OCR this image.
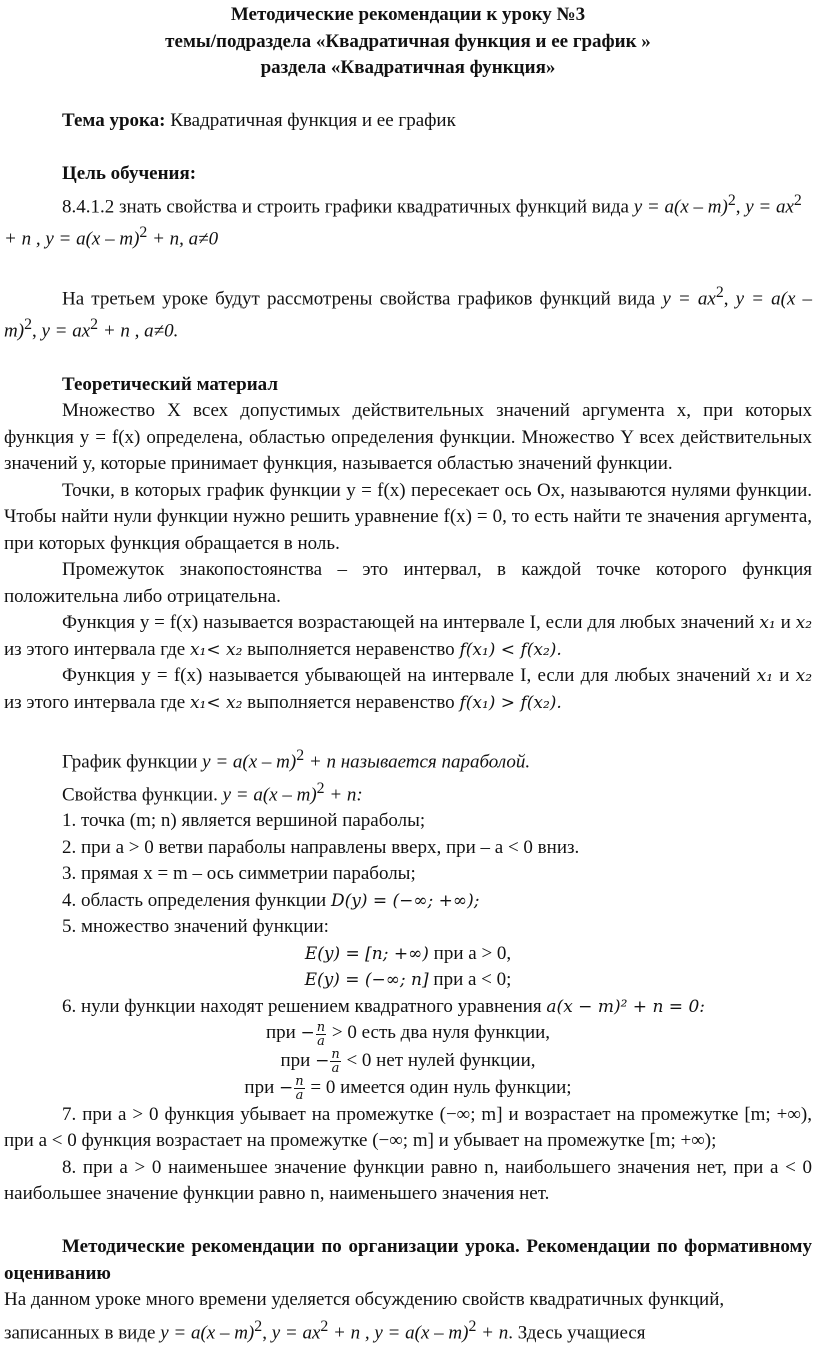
Методические рекомендации к уроку №3

темы/подраздела «Квадратичная функция и ее график »

раздела «Квадратичная функция»

Тема урока: Квадратичная функция и ее график

Цель обучения:

8.4.1.2 знать свойства и строить графики квадратичных функций вида y = a(x – m)$^2$, $y = ax^2 + n$ , y = a(x – m)$^2$ + n, a≠0

На третьем уроке будут рассмотрены свойства графиков функций вида $y = ax^2$, y = a(x – m)$^2$, $y = ax^2 + n$ , a≠0.

Теоретический материал

Множество X всех допустимых действительных значений аргумента x, при которых функция y = f(x) определена, областью определения функции. Множество Y всех действительных значений y, которые принимает функция, называется областью значений функции.

Точки, в которых график функции y = f(x) пересекает ось Ох, называются нулями функции. Чтобы найти нули функции нужно решить уравнение f(x) = 0, то есть найти те значения аргумента, при которых функция обращается в ноль.

Промежуток знакопостоянства – это интервал, в каждой точке которого функция положительна либо отрицательна.

Функция y = f(x) называется возрастающей на интервале I, если для любых значений x₁ и x₂ из этого интервала где x₁< x₂ выполняется неравенство f(x₁) < f(x₂).

Функция y = f(x) называется убывающей на интервале I, если для любых значений x₁ и x₂ из этого интервала где x₁< x₂ выполняется неравенство f(x₁) > f(x₂).

График функции y = a(x – m)$^2$ + n называется параболой.

Свойства функции. y = a(x – m)$^2$ + n:

1. точка (m; n) является вершиной параболы;

2. при a > 0 ветви параболы направлены вверх, при – a < 0 вниз.

3. прямая x = m – ось симметрии параболы;

4. область определения функции D(y) = (−∞; +∞);

5. множество значений функции:

E(y) = [n; +∞) при a > 0,

E(y) = (−∞; n] при a < 0;

6. нули функции находят решением квадратного уравнения a(x − m)² + n = 0:

при − $\frac{n}{a} > 0$ есть два нуля функции,

при − $\frac{n}{a} < 0$ нет нулей функции,

при − $\frac{n}{a} = 0$ имеется один нуль функции;

7. при a > 0 функция убывает на промежутке (−∞; m] и возрастает на промежутке [m; +∞), при a < 0 функция возрастает на промежутке (−∞; m] и убывает на промежутке [m; +∞);

8. при a > 0 наименьшее значение функции равно n, наибольшего значения нет, при a < 0 наибольшее значение функции равно n, наименьшего значения нет.

Методические рекомендации по организации урока. Рекомендации по формативному оцениванию

На данном уроке много времени уделяется обсуждению свойств квадратичных функций, записанных в виде y = a(x – m)$^2$, $y = ax^2 + n$ , y = a(x – m)$^2$ + n. Здесь учащиеся
